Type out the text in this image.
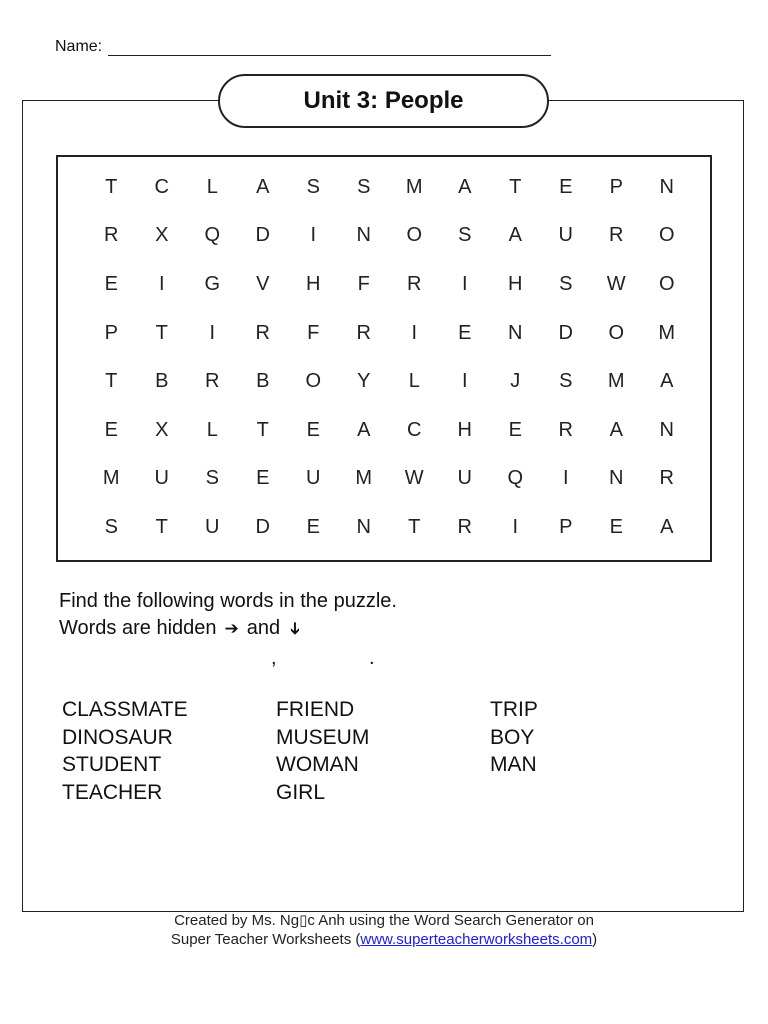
Name:
Unit 3: People
T	C	L	A	S	S	M	A	T	E	P	N
R	X	Q	D	I	N	O	S	A	U	R	O
E	I	G	V	H	F	R	I	H	S	W	O
P	T	I	R	F	R	I	E	N	D	O	M
T	B	R	B	O	Y	L	I	J	S	M	A
E	X	L	T	E	A	C	H	E	R	A	N
M	U	S	E	U	M	W	U	Q	I	N	R
S	T	U	D	E	N	T	R	I	P	E	A
Find the following words in the puzzle.
Words are hidden ➔ and ➔
,	.
CLASSMATE	FRIEND	TRIP
DINOSAUR	MUSEUM	BOY
STUDENT	WOMAN	MAN
TEACHER	GIRL
Created by Ms. Ng▯c Anh using the Word Search Generator on
Super Teacher Worksheets (www.superteacherworksheets.com)
